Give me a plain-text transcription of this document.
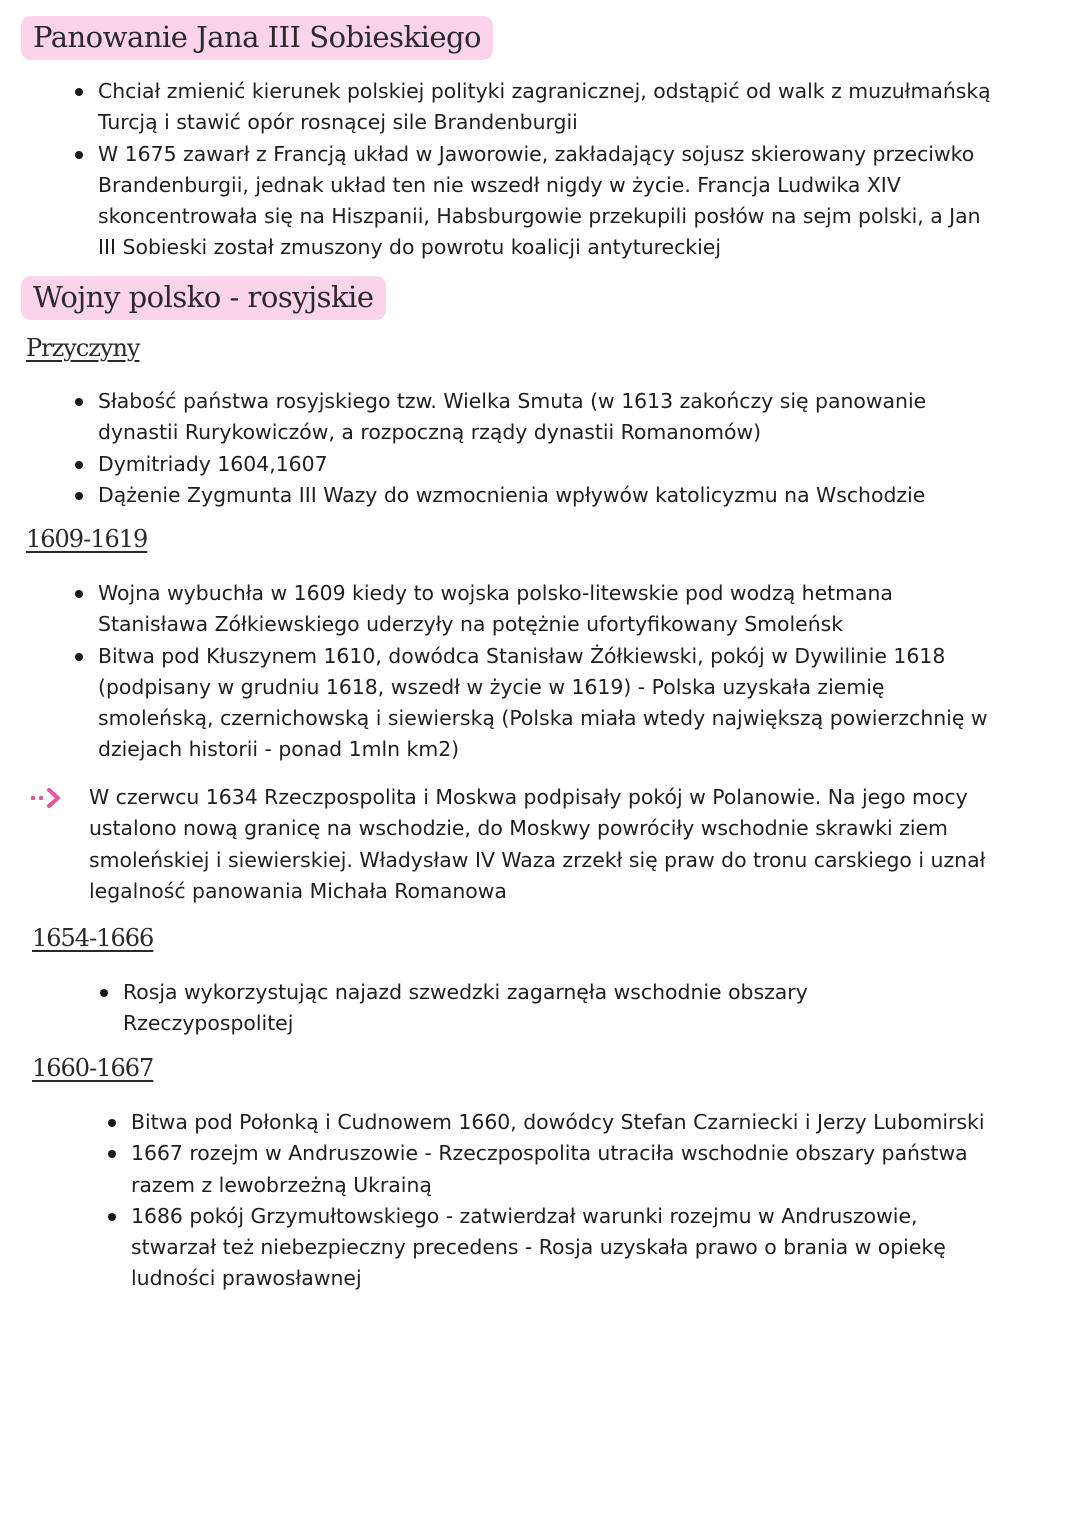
Panowanie Jana III Sobieskiego
Chciał zmienić kierunek polskiej polityki zagranicznej, odstąpić od walk z muzułmańską Turcją i stawić opór rosnącej sile Brandenburgii
W 1675 zawarł z Francją układ w Jaworowie, zakładający sojusz skierowany przeciwko Brandenburgii, jednak układ ten nie wszedł nigdy w życie. Francja Ludwika XIV skoncentrowała się na Hiszpanii, Habsburgowie przekupili posłów na sejm polski, a Jan III Sobieski został zmuszony do powrotu koalicji antytureckiej
Wojny polsko - rosyjskie
Przyczyny
Słabość państwa rosyjskiego tzw. Wielka Smuta (w 1613 zakończy się panowanie dynastii Rurykowiczów, a rozpoczną rządy dynastii Romanomów)
Dymitriady 1604,1607
Dążenie Zygmunta III Wazy do wzmocnienia wpływów katolicyzmu na Wschodzie
1609-1619
Wojna wybuchła w 1609 kiedy to wojska polsko-litewskie pod wodzą hetmana Stanisława Zółkiewskiego uderzyły na potężnie ufortyfikowany Smoleńsk
Bitwa pod Kłuszynem 1610, dowódca Stanisław Żółkiewski, pokój w Dywilinie 1618 (podpisany w grudniu 1618, wszedł w życie w 1619) - Polska uzyskała ziemię smoleńską, czernichowską i siewierską (Polska miała wtedy największą powierzchnię w dziejach historii - ponad 1mln km2)
W czerwcu 1634 Rzeczpospolita i Moskwa podpisały pokój w Polanowie. Na jego mocy ustalono nową granicę na wschodzie, do Moskwy powróciły wschodnie skrawki ziem smoleńskiej i siewierskiej. Władysław IV Waza zrzekł się praw do tronu carskiego i uznał legalność panowania Michała Romanowa
1654-1666
Rosja wykorzystując najazd szwedzki zagarnęła wschodnie obszary Rzeczypospolitej
1660-1667
Bitwa pod Połonką i Cudnowem 1660, dowódcy Stefan Czarniecki i Jerzy Lubomirski
1667 rozejm w Andruszowie - Rzeczpospolita utraciła wschodnie obszary państwa razem z lewobrzeżną Ukrainą
1686 pokój Grzymułtowskiego - zatwierdzał warunki rozejmu w Andruszowie, stwarzał też niebezpieczny precedens - Rosja uzyskała prawo o brania w opiekę ludności prawosławnej
